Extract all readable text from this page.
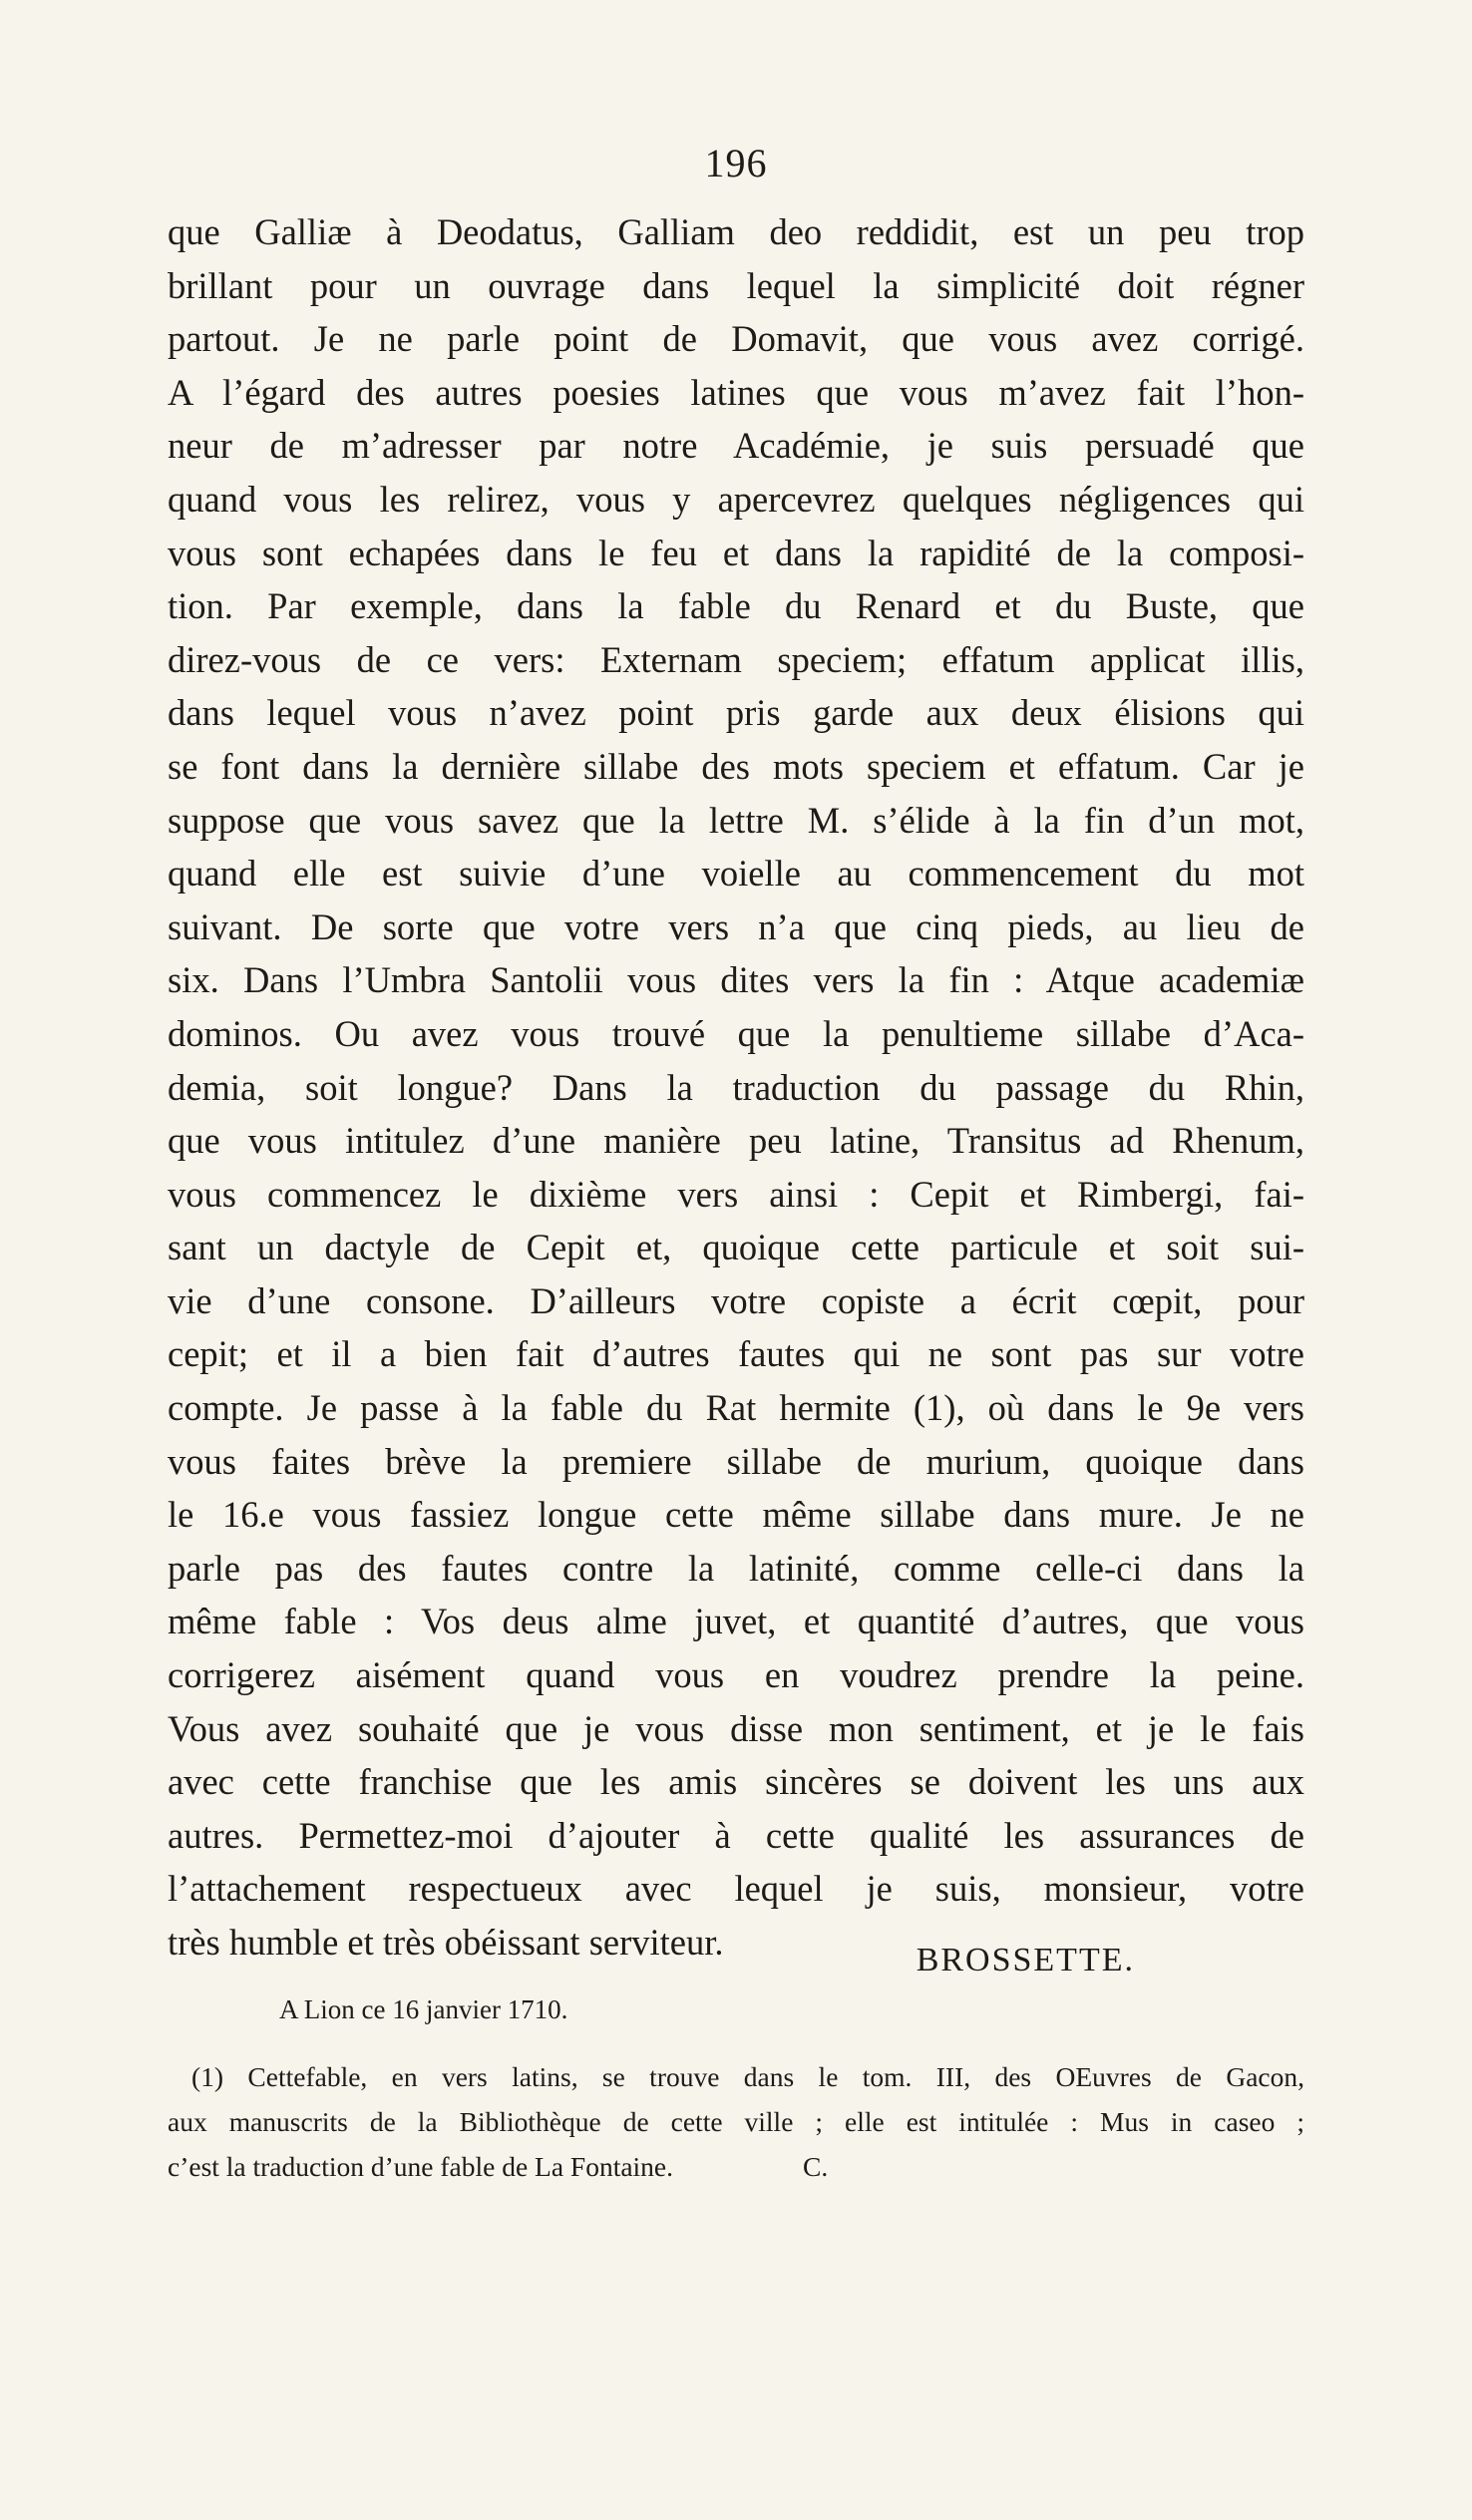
196
que Galliæ à Deodatus, Galliam deo reddidit, est un peu trop
brillant pour un ouvrage dans lequel la simplicité doit régner
partout. Je ne parle point de Domavit, que vous avez corrigé.
A l’égard des autres poesies latines que vous m’avez fait l’hon-
neur de m’adresser par notre Académie, je suis persuadé que
quand vous les relirez, vous y apercevrez quelques négligences qui
vous sont echapées dans le feu et dans la rapidité de la composi-
tion. Par exemple, dans la fable du Renard et du Buste, que
direz-vous de ce vers: Externam speciem; effatum applicat illis,
dans lequel vous n’avez point pris garde aux deux élisions qui
se font dans la dernière sillabe des mots speciem et effatum. Car je
suppose que vous savez que la lettre M. s’élide à la fin d’un mot,
quand elle est suivie d’une voielle au commencement du mot
suivant. De sorte que votre vers n’a que cinq pieds, au lieu de
six. Dans l’Umbra Santolii vous dites vers la fin : Atque academiæ
dominos. Ou avez vous trouvé que la penultieme sillabe d’Aca-
demia, soit longue? Dans la traduction du passage du Rhin,
que vous intitulez d’une manière peu latine, Transitus ad Rhenum,
vous commencez le dixième vers ainsi : Cepit et Rimbergi, fai-
sant un dactyle de Cepit et, quoique cette particule et soit sui-
vie d’une consone. D’ailleurs votre copiste a écrit cœpit, pour
cepit; et il a bien fait d’autres fautes qui ne sont pas sur votre
compte. Je passe à la fable du Rat hermite (1), où dans le 9e vers
vous faites brève la premiere sillabe de murium, quoique dans
le 16.e vous fassiez longue cette même sillabe dans mure. Je ne
parle pas des fautes contre la latinité, comme celle-ci dans la
même fable : Vos deus alme juvet, et quantité d’autres, que vous
corrigerez aisément quand vous en voudrez prendre la peine.
Vous avez souhaité que je vous disse mon sentiment, et je le fais
avec cette franchise que les amis sincères se doivent les uns aux
autres. Permettez-moi d’ajouter à cette qualité les assurances de
l’attachement respectueux avec lequel je suis, monsieur, votre
très humble et très obéissant serviteur.	BROSSETTE.
A Lion ce 16 janvier 1710.
(1) Cettefable, en vers latins, se trouve dans le tom. III, des OEuvres de Gacon,
aux manuscrits de la Bibliothèque de cette ville ; elle est intitulée : Mus in caseo ;
c’est la traduction d’une fable de La Fontaine.	C.
